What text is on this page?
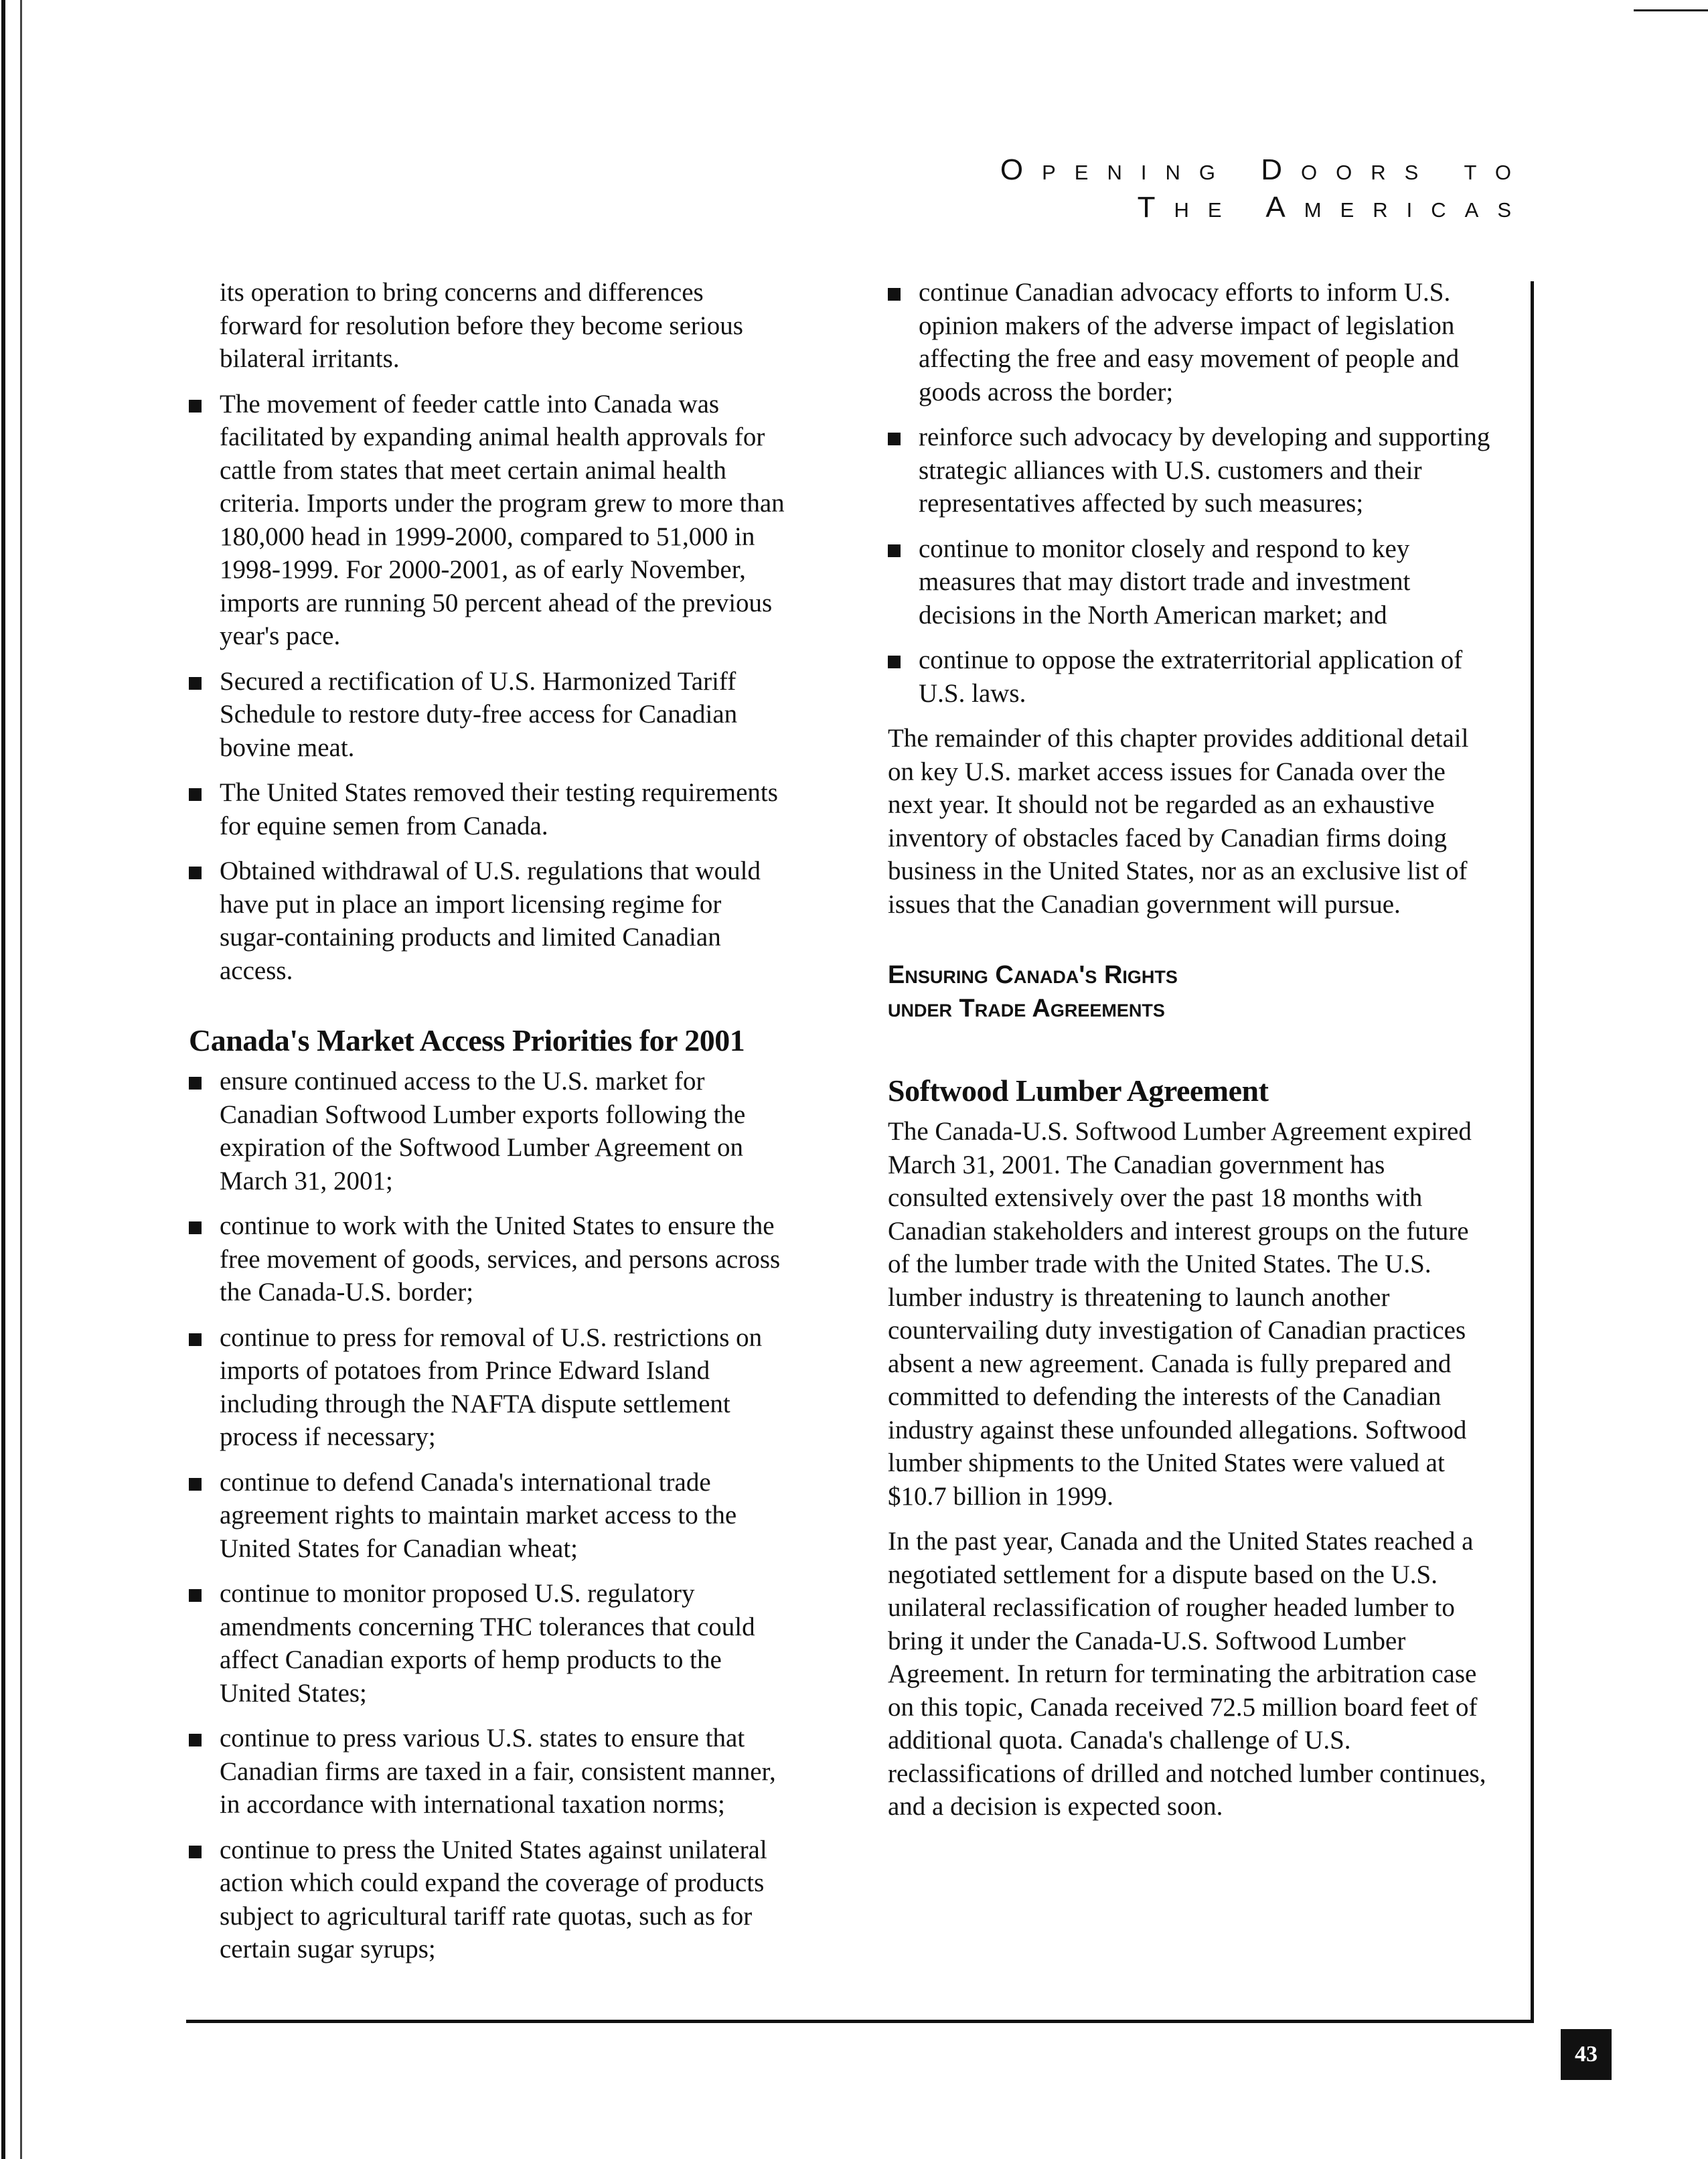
Opening Doors to
The Americas

its operation to bring concerns and differences forward for resolution before they become serious bilateral irritants.

The movement of feeder cattle into Canada was facilitated by expanding animal health approvals for cattle from states that meet certain animal health criteria. Imports under the program grew to more than 180,000 head in 1999-2000, compared to 51,000 in 1998-1999. For 2000-2001, as of early November, imports are running 50 percent ahead of the previous year's pace.
Secured a rectification of U.S. Harmonized Tariff Schedule to restore duty-free access for Canadian bovine meat.
The United States removed their testing requirements for equine semen from Canada.
Obtained withdrawal of U.S. regulations that would have put in place an import licensing regime for sugar-containing products and limited Canadian access.
Canada's Market Access Priorities for 2001
ensure continued access to the U.S. market for Canadian Softwood Lumber exports following the expiration of the Softwood Lumber Agreement on March 31, 2001;
continue to work with the United States to ensure the free movement of goods, services, and persons across the Canada-U.S. border;
continue to press for removal of U.S. restrictions on imports of potatoes from Prince Edward Island including through the NAFTA dispute settlement process if necessary;
continue to defend Canada's international trade agreement rights to maintain market access to the United States for Canadian wheat;
continue to monitor proposed U.S. regulatory amendments concerning THC tolerances that could affect Canadian exports of hemp products to the United States;
continue to press various U.S. states to ensure that Canadian firms are taxed in a fair, consistent manner, in accordance with international taxation norms;
continue to press the United States against unilateral action which could expand the coverage of products subject to agricultural tariff rate quotas, such as for certain sugar syrups;
continue Canadian advocacy efforts to inform U.S. opinion makers of the adverse impact of legislation affecting the free and easy movement of people and goods across the border;
reinforce such advocacy by developing and supporting strategic alliances with U.S. customers and their representatives affected by such measures;
continue to monitor closely and respond to key measures that may distort trade and investment decisions in the North American market; and
continue to oppose the extraterritorial application of U.S. laws.

The remainder of this chapter provides additional detail on key U.S. market access issues for Canada over the next year. It should not be regarded as an exhaustive inventory of obstacles faced by Canadian firms doing business in the United States, nor as an exclusive list of issues that the Canadian government will pursue.

Ensuring Canada's Rights
under Trade Agreements
Softwood Lumber Agreement

The Canada-U.S. Softwood Lumber Agreement expired March 31, 2001. The Canadian government has consulted extensively over the past 18 months with Canadian stakeholders and interest groups on the future of the lumber trade with the United States. The U.S. lumber industry is threatening to launch another countervailing duty investigation of Canadian practices absent a new agreement. Canada is fully prepared and committed to defending the interests of the Canadian industry against these unfounded allegations. Softwood lumber shipments to the United States were valued at $10.7 billion in 1999.

In the past year, Canada and the United States reached a negotiated settlement for a dispute based on the U.S. unilateral reclassification of rougher headed lumber to bring it under the Canada-U.S. Softwood Lumber Agreement. In return for terminating the arbitration case on this topic, Canada received 72.5 million board feet of additional quota. Canada's challenge of U.S. reclassifications of drilled and notched lumber continues, and a decision is expected soon.

43
